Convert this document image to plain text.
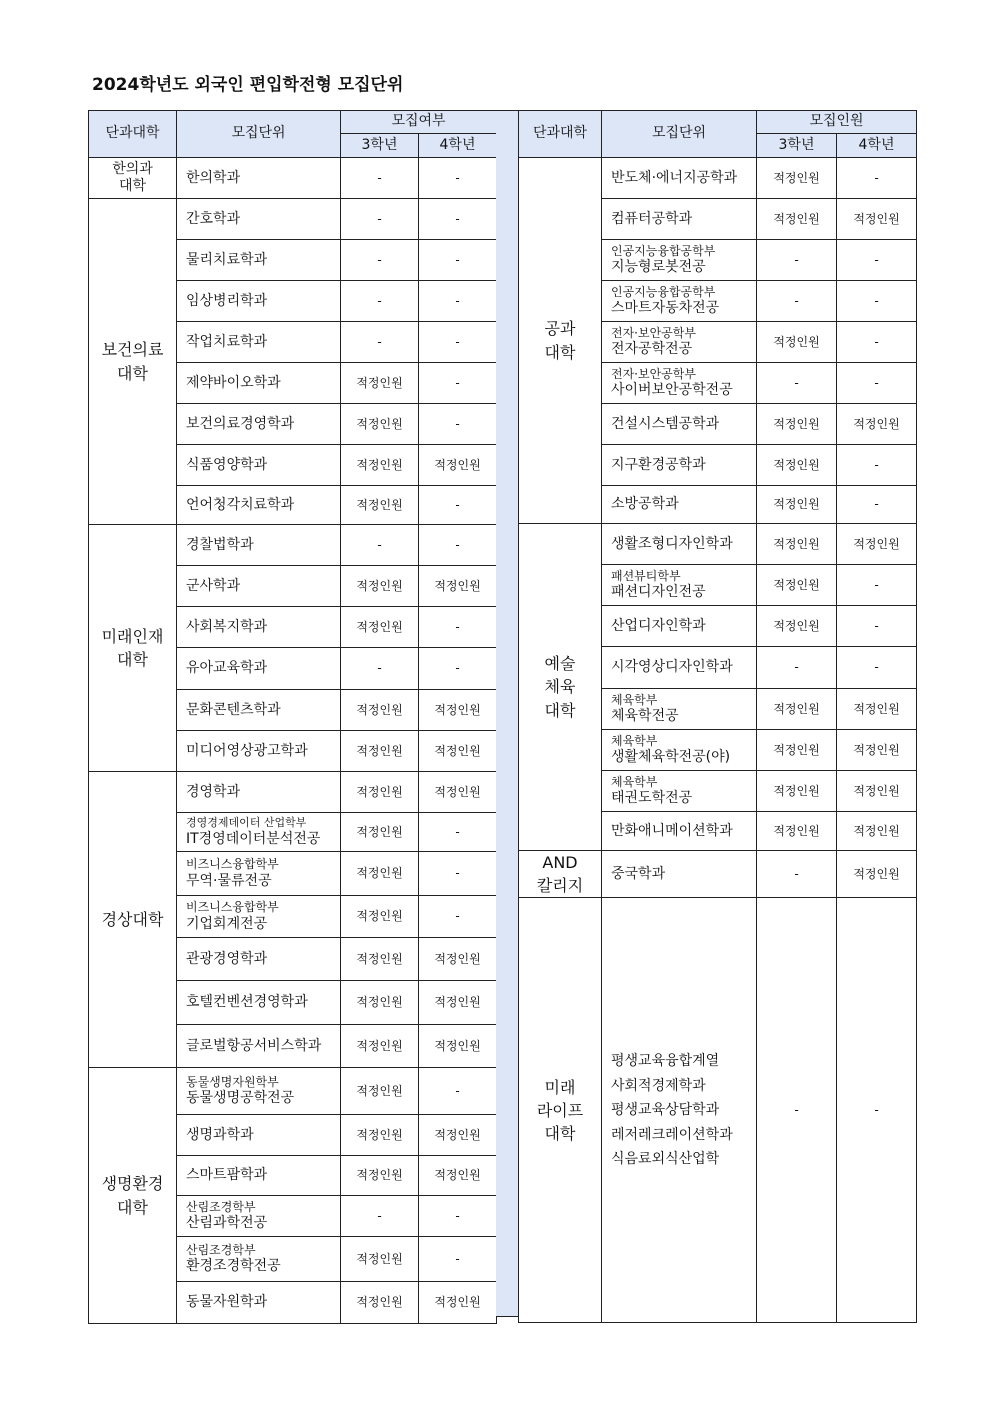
2024학년도 외국인 편입학전형 모집단위
단과대학	모집단위	모집여부	
		3학년	4학년
한의과
대학	한의학과	-	-
보건의료
대학	간호학과	-	-

	물리치료학과	-	-

	임상병리학과	-	-

	작업치료학과	-	-

	제약바이오학과	적정인원	-

	보건의료경영학과	적정인원	-

	식품영양학과	적정인원	적정인원

	언어청각치료학과	적정인원	-
미래인재
대학	경찰법학과	-	-

	군사학과	적정인원	적정인원

	사회복지학과	적정인원	-

	유아교육학과	-	-

	문화콘텐츠학과	적정인원	적정인원

	미디어영상광고학과	적정인원	적정인원
경상대학	경영학과	적정인원	적정인원

	경영경제데이터 산업학부
IT경영데이터분석전공	적정인원	-

	비즈니스융합학부
무역·물류전공	적정인원	-

	비즈니스융합학부
기업회계전공	적정인원	-

	관광경영학과	적정인원	적정인원

	호텔컨벤션경영학과	적정인원	적정인원

	글로벌항공서비스학과	적정인원	적정인원
생명환경
대학	동물생명자원학부
동물생명공학전공	적정인원	-

	생명과학과	적정인원	적정인원

	스마트팜학과	적정인원	적정인원

	산림조경학부
산림과학전공	-	-

	산림조경학부
환경조경학전공	적정인원	-

	동물자원학과	적정인원	적정인원
단과대학	모집단위	모집인원	
		3학년	4학년
공과
대학	반도체·에너지공학과	적정인원	-

	컴퓨터공학과	적정인원	적정인원

	인공지능융합공학부
지능형로봇전공	-	-

	인공지능융합공학부
스마트자동차전공	-	-

	전자·보안공학부
전자공학전공	적정인원	-

	전자·보안공학부
사이버보안공학전공	-	-

	건설시스템공학과	적정인원	적정인원

	지구환경공학과	적정인원	-

	소방공학과	적정인원	-
예술
체육
대학	생활조형디자인학과	적정인원	적정인원

	패션뷰티학부
패션디자인전공	적정인원	-

	산업디자인학과	적정인원	-

	시각영상디자인학과	-	-

	체육학부
체육학전공	적정인원	적정인원

	체육학부
생활체육학전공(야)	적정인원	적정인원

	체육학부
태권도학전공	적정인원	적정인원

	만화애니메이션학과	적정인원	적정인원
AND
칼리지	중국학과	-	적정인원
미래
라이프
대학	평생교육융합계열
사회적경제학과
평생교육상담학과
레저레크레이션학과
식음료외식산업학	-	-
